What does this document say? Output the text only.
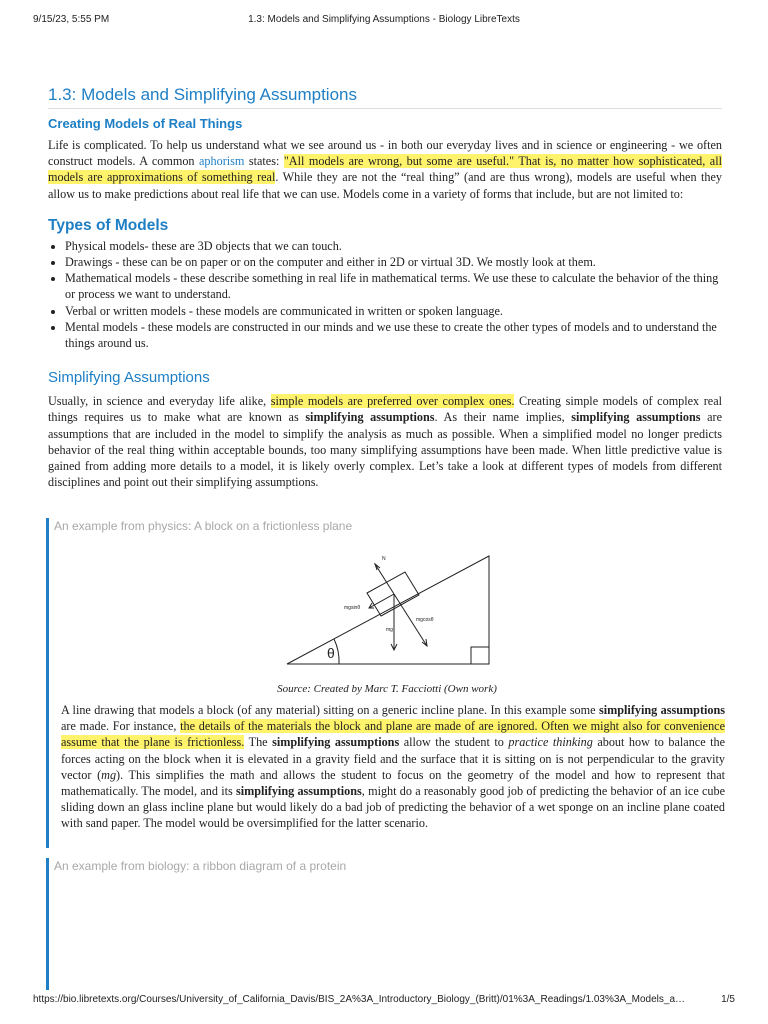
9/15/23, 5:55 PM	1.3: Models and Simplifying Assumptions - Biology LibreTexts
1.3: Models and Simplifying Assumptions
Creating Models of Real Things

Life is complicated. To help us understand what we see around us - in both our everyday lives and in science or engineering - we often construct models. A common aphorism states: "All models are wrong, but some are useful." That is, no matter how sophisticated, all models are approximations of something real. While they are not the “real thing” (and are thus wrong), models are useful when they allow us to make predictions about real life that we can use. Models come in a variety of forms that include, but are not limited to:

Types of Models
• Physical models- these are 3D objects that we can touch.
• Drawings - these can be on paper or on the computer and either in 2D or virtual 3D. We mostly look at them.
• Mathematical models - these describe something in real life in mathematical terms. We use these to calculate the behavior of the thing or process we want to understand.
• Verbal or written models - these models are communicated in written or spoken language.
• Mental models - these models are constructed in our minds and we use these to create the other types of models and to understand the things around us.
Simplifying Assumptions

Usually, in science and everyday life alike, simple models are preferred over complex ones. Creating simple models of complex real things requires us to make what are known as simplifying assumptions. As their name implies, simplifying assumptions are assumptions that are included in the model to simplify the analysis as much as possible. When a simplified model no longer predicts behavior of the real thing within acceptable bounds, too many simplifying assumptions have been made. When little predictive value is gained from adding more details to a model, it is likely overly complex. Let’s take a look at different types of models from different disciplines and point out their simplifying assumptions.

An example from physics: A block on a frictionless plane
N
mgsinθ
mgcosθ
mg
θ
Source: Created by Marc T. Facciotti (Own work)

A line drawing that models a block (of any material) sitting on a generic incline plane. In this example some simplifying assumptions are made. For instance, the details of the materials the block and plane are made of are ignored. Often we might also for convenience assume that the plane is frictionless. The simplifying assumptions allow the student to practice thinking about how to balance the forces acting on the block when it is elevated in a gravity field and the surface that it is sitting on is not perpendicular to the gravity vector (mg). This simplifies the math and allows the student to focus on the geometry of the model and how to represent that mathematically. The model, and its simplifying assumptions, might do a reasonably good job of predicting the behavior of an ice cube sliding down an glass incline plane but would likely do a bad job of predicting the behavior of a wet sponge on an incline plane coated with sand paper. The model would be oversimplified for the latter scenario.

An example from biology: a ribbon diagram of a protein
https://bio.libretexts.org/Courses/University_of_California_Davis/BIS_2A%3A_Introductory_Biology_(Britt)/01%3A_Readings/1.03%3A_Models_a…	1/5
